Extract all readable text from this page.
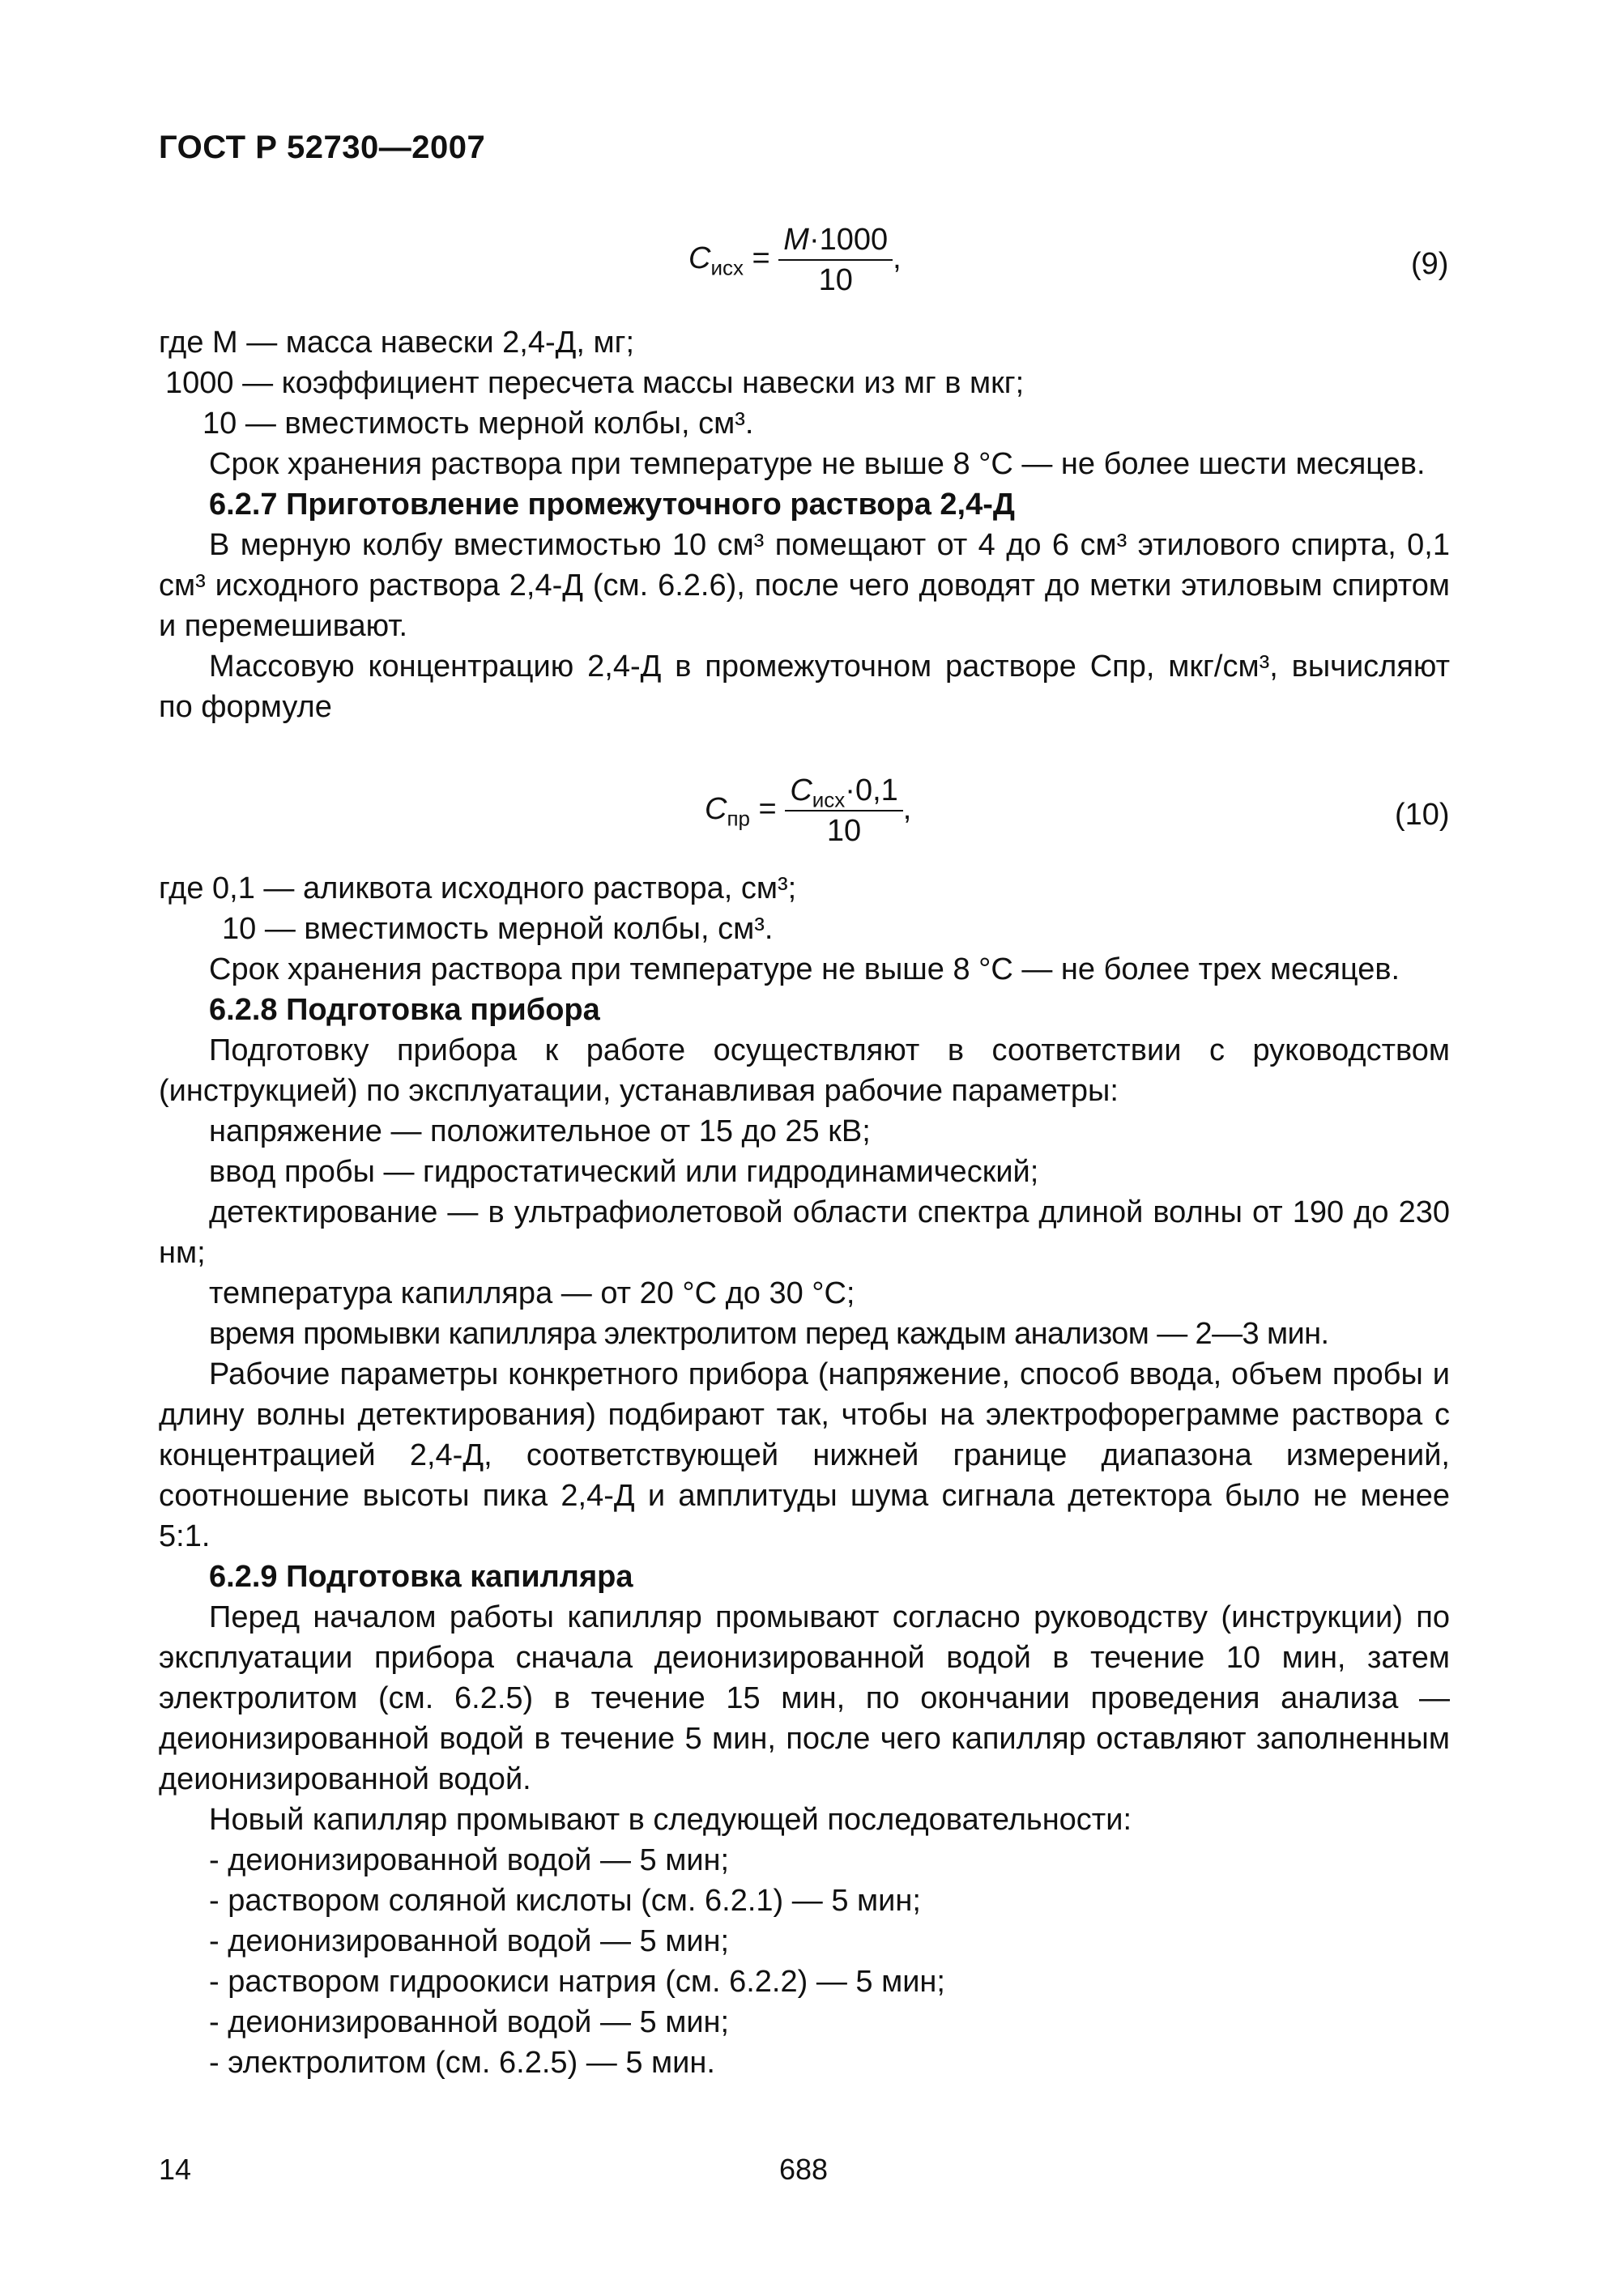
ГОСТ Р 52730—2007
$C_{исх} = \frac{M\cdot 1000}{10}$ ,	(9)

где M — масса навески 2,4-Д, мг;

1000 — коэффициент пересчета массы навески из мг в мкг;

10 — вместимость мерной колбы, см³.

Срок хранения раствора при температуре не выше 8 °С — не более шести месяцев.

6.2.7 Приготовление промежуточного раствора 2,4-Д

В мерную колбу вместимостью 10 см³ помещают от 4 до 6 см³ этилового спирта, 0,1 см³ исходного раствора 2,4-Д (см. 6.2.6), после чего доводят до метки этиловым спиртом и перемешивают.

Массовую концентрацию 2,4-Д в промежуточном растворе Спр, мкг/см³, вычисляют по формуле

$C_{пр} = \frac{C_{исх}\cdot 0,1}{10}$ ,	(10)

где 0,1 — аликвота исходного раствора, см³;

10 — вместимость мерной колбы, см³.

Срок хранения раствора при температуре не выше 8 °С — не более трех месяцев.

6.2.8 Подготовка прибора

Подготовку прибора к работе осуществляют в соответствии с руководством (инструкцией) по эксплуатации, устанавливая рабочие параметры:

напряжение — положительное от 15 до 25 кВ;

ввод пробы — гидростатический или гидродинамический;

детектирование — в ультрафиолетовой области спектра длиной волны от 190 до 230 нм;

температура капилляра — от 20 °С до 30 °С;

время промывки капилляра электролитом перед каждым анализом — 2—3 мин.

Рабочие параметры конкретного прибора (напряжение, способ ввода, объем пробы и длину волны детектирования) подбирают так, чтобы на электрофореграмме раствора с концентрацией 2,4-Д, соответствующей нижней границе диапазона измерений, соотношение высоты пика 2,4-Д и амплитуды шума сигнала детектора было не менее 5:1.

6.2.9 Подготовка капилляра

Перед началом работы капилляр промывают согласно руководству (инструкции) по эксплуатации прибора сначала деионизированной водой в течение 10 мин, затем электролитом (см. 6.2.5) в течение 15 мин, по окончании проведения анализа — деионизированной водой в течение 5 мин, после чего капилляр оставляют заполненным деионизированной водой.

Новый капилляр промывают в следующей последовательности:

- деионизированной водой — 5 мин;

- раствором соляной кислоты (см. 6.2.1) — 5 мин;

- деионизированной водой — 5 мин;

- раствором гидроокиси натрия (см. 6.2.2) — 5 мин;

- деионизированной водой — 5 мин;

- электролитом (см. 6.2.5) — 5 мин.

14	688
